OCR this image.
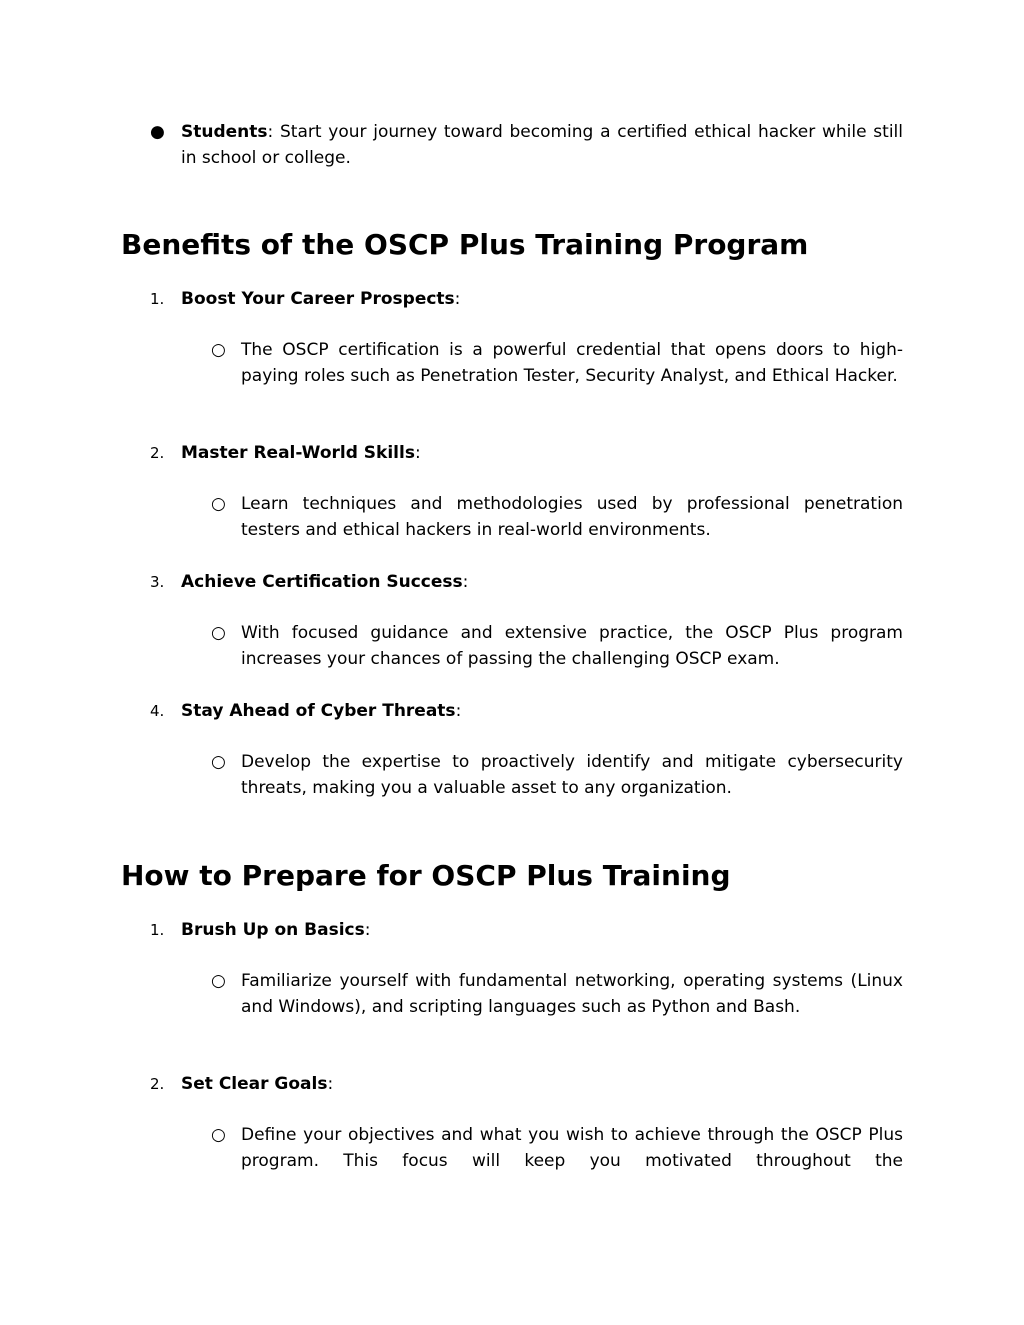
● Students: Start your journey toward becoming a certified ethical hacker while still in school or college.
Benefits of the OSCP Plus Training Program
1. Boost Your Career Prospects:
○ The OSCP certification is a powerful credential that opens doors to high-paying roles such as Penetration Tester, Security Analyst, and Ethical Hacker.
2. Master Real-World Skills:
○ Learn techniques and methodologies used by professional penetration testers and ethical hackers in real-world environments.
3. Achieve Certification Success:
○ With focused guidance and extensive practice, the OSCP Plus program increases your chances of passing the challenging OSCP exam.
4. Stay Ahead of Cyber Threats:
○ Develop the expertise to proactively identify and mitigate cybersecurity threats, making you a valuable asset to any organization.
How to Prepare for OSCP Plus Training
1. Brush Up on Basics:
○ Familiarize yourself with fundamental networking, operating systems (Linux and Windows), and scripting languages such as Python and Bash.
2. Set Clear Goals:
○ Define your objectives and what you wish to achieve through the OSCP Plus program. This focus will keep you motivated throughout the
